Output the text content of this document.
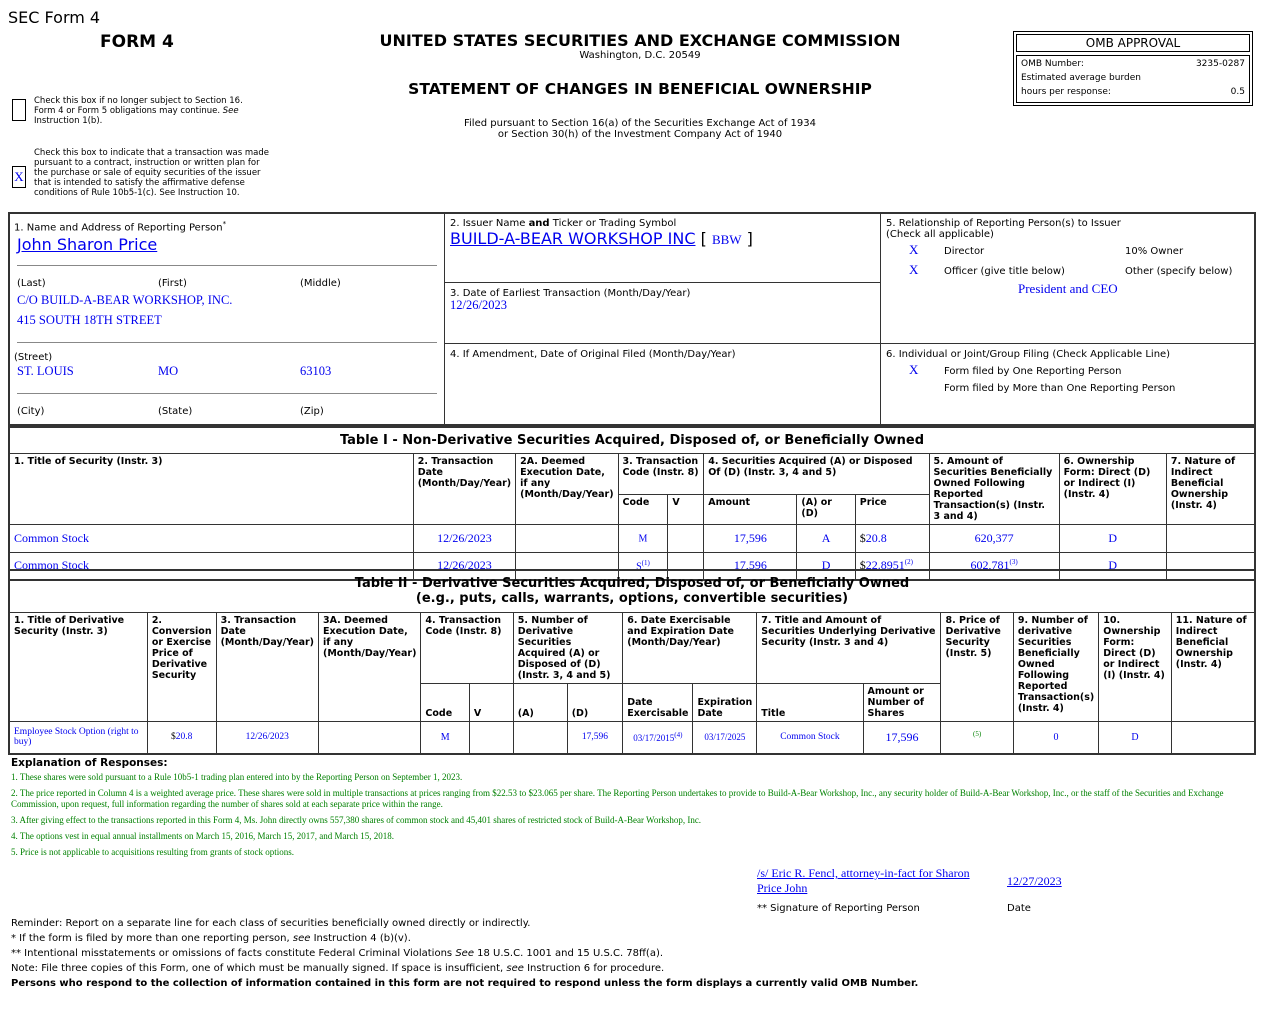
SEC Form 4
FORM 4	UNITED STATES SECURITIES AND EXCHANGE COMMISSION
Washington, D.C. 20549
STATEMENT OF CHANGES IN BENEFICIAL OWNERSHIP
Filed pursuant to Section 16(a) of the Securities Exchange Act of 1934
or Section 30(h) of the Investment Company Act of 1940
OMB APPROVAL
OMB Number:	3235-0287
Estimated average burden
hours per response:	0.5
Check this box if no longer subject to Section 16. Form 4 or Form 5 obligations may continue. See Instruction 1(b).
X
Check this box to indicate that a transaction was made pursuant to a contract, instruction or written plan for the purchase or sale of equity securities of the issuer that is intended to satisfy the affirmative defense conditions of Rule 10b5-1(c). See Instruction 10.
1. Name and Address of Reporting Person*
John Sharon Price
(Last)	(First)	(Middle)
C/O BUILD-A-BEAR WORKSHOP, INC.
415 SOUTH 18TH STREET
(Street)
ST. LOUIS	MO	63103
(City)	(State)	(Zip)
2. Issuer Name and Ticker or Trading Symbol
BUILD-A-BEAR WORKSHOP INC [ BBW ]
3. Date of Earliest Transaction (Month/Day/Year)
12/26/2023
4. If Amendment, Date of Original Filed (Month/Day/Year)
5. Relationship of Reporting Person(s) to Issuer
(Check all applicable)
X	Director	10% Owner
X	Officer (give title below)	Other (specify below)
President and CEO
6. Individual or Joint/Group Filing (Check Applicable Line)
X	Form filed by One Reporting Person
Form filed by More than One Reporting Person
Table I - Non-Derivative Securities Acquired, Disposed of, or Beneficially Owned										
1. Title of Security (Instr. 3)	2. Transaction Date (Month/Day/Year)	2A. Deemed Execution Date, if any (Month/Day/Year)	3. Transaction Code (Instr. 8)		4. Securities Acquired (A) or Disposed Of (D) (Instr. 3, 4 and 5)			5. Amount of Securities Beneficially Owned Following Reported Transaction(s) (Instr. 3 and 4)	6. Ownership Form: Direct (D) or Indirect (I) (Instr. 4)	7. Nature of Indirect Beneficial Ownership (Instr. 4)
			Code	V	Amount	(A) or (D)	Price			
Common Stock	12/26/2023		M		17,596	A	$20.8	620,377	D	
Common Stock	12/26/2023		$S^{(1)}$		17,596	D	$22.8951$^{(2)}$	602,781$^{(3)}$	D	
Table II - Derivative Securities Acquired, Disposed of, or Beneficially Owned
(e.g., puts, calls, warrants, options, convertible securities)															

1. Title of Derivative Security (Instr. 3)	2. Conversion or Exercise Price of Derivative Security	3. Transaction Date (Month/Day/Year)	3A. Deemed Execution Date, if any (Month/Day/Year)	4. Transaction Code (Instr. 8)		5. Number of Derivative Securities Acquired (A) or Disposed of (D) (Instr. 3, 4 and 5)		6. Date Exercisable and Expiration Date (Month/Day/Year)		7. Title and Amount of Securities Underlying Derivative Security (Instr. 3 and 4)		8. Price of Derivative Security (Instr. 5)	9. Number of derivative Securities Beneficially Owned Following Reported Transaction(s) (Instr. 4)	10. Ownership Form: Direct (D) or Indirect (I) (Instr. 4)	11. Nature of Indirect Beneficial Ownership (Instr. 4)
				Code	V	(A)	(D)	Date Exercisable	Expiration Date	Title	Amount or Number of Shares				
Employee Stock Option (right to buy)	$20.8	12/26/2023		M			17,596	03/17/2015$^{(4)}$	03/17/2025	Common Stock	17,596	$^{(5)}$	0	D	
Explanation of Responses:
1. These shares were sold pursuant to a Rule 10b5-1 trading plan entered into by the Reporting Person on September 1, 2023.
2. The price reported in Column 4 is a weighted average price. These shares were sold in multiple transactions at prices ranging from $22.53 to $23.065 per share. The Reporting Person undertakes to provide to Build-A-Bear Workshop, Inc., any security holder of Build-A-Bear Workshop, Inc., or the staff of the Securities and Exchange Commission, upon request, full information regarding the number of shares sold at each separate price within the range.
3. After giving effect to the transactions reported in this Form 4, Ms. John directly owns 557,380 shares of common stock and 45,401 shares of restricted stock of Build-A-Bear Workshop, Inc.
4. The options vest in equal annual installments on March 15, 2016, March 15, 2017, and March 15, 2018.
5. Price is not applicable to acquisitions resulting from grants of stock options.
/s/ Eric R. Fencl, attorney-in-fact for Sharon Price John	12/27/2023
** Signature of Reporting Person	Date
Reminder: Report on a separate line for each class of securities beneficially owned directly or indirectly.
* If the form is filed by more than one reporting person, see Instruction 4 (b)(v).
** Intentional misstatements or omissions of facts constitute Federal Criminal Violations See 18 U.S.C. 1001 and 15 U.S.C. 78ff(a).
Note: File three copies of this Form, one of which must be manually signed. If space is insufficient, see Instruction 6 for procedure.
Persons who respond to the collection of information contained in this form are not required to respond unless the form displays a currently valid OMB Number.
